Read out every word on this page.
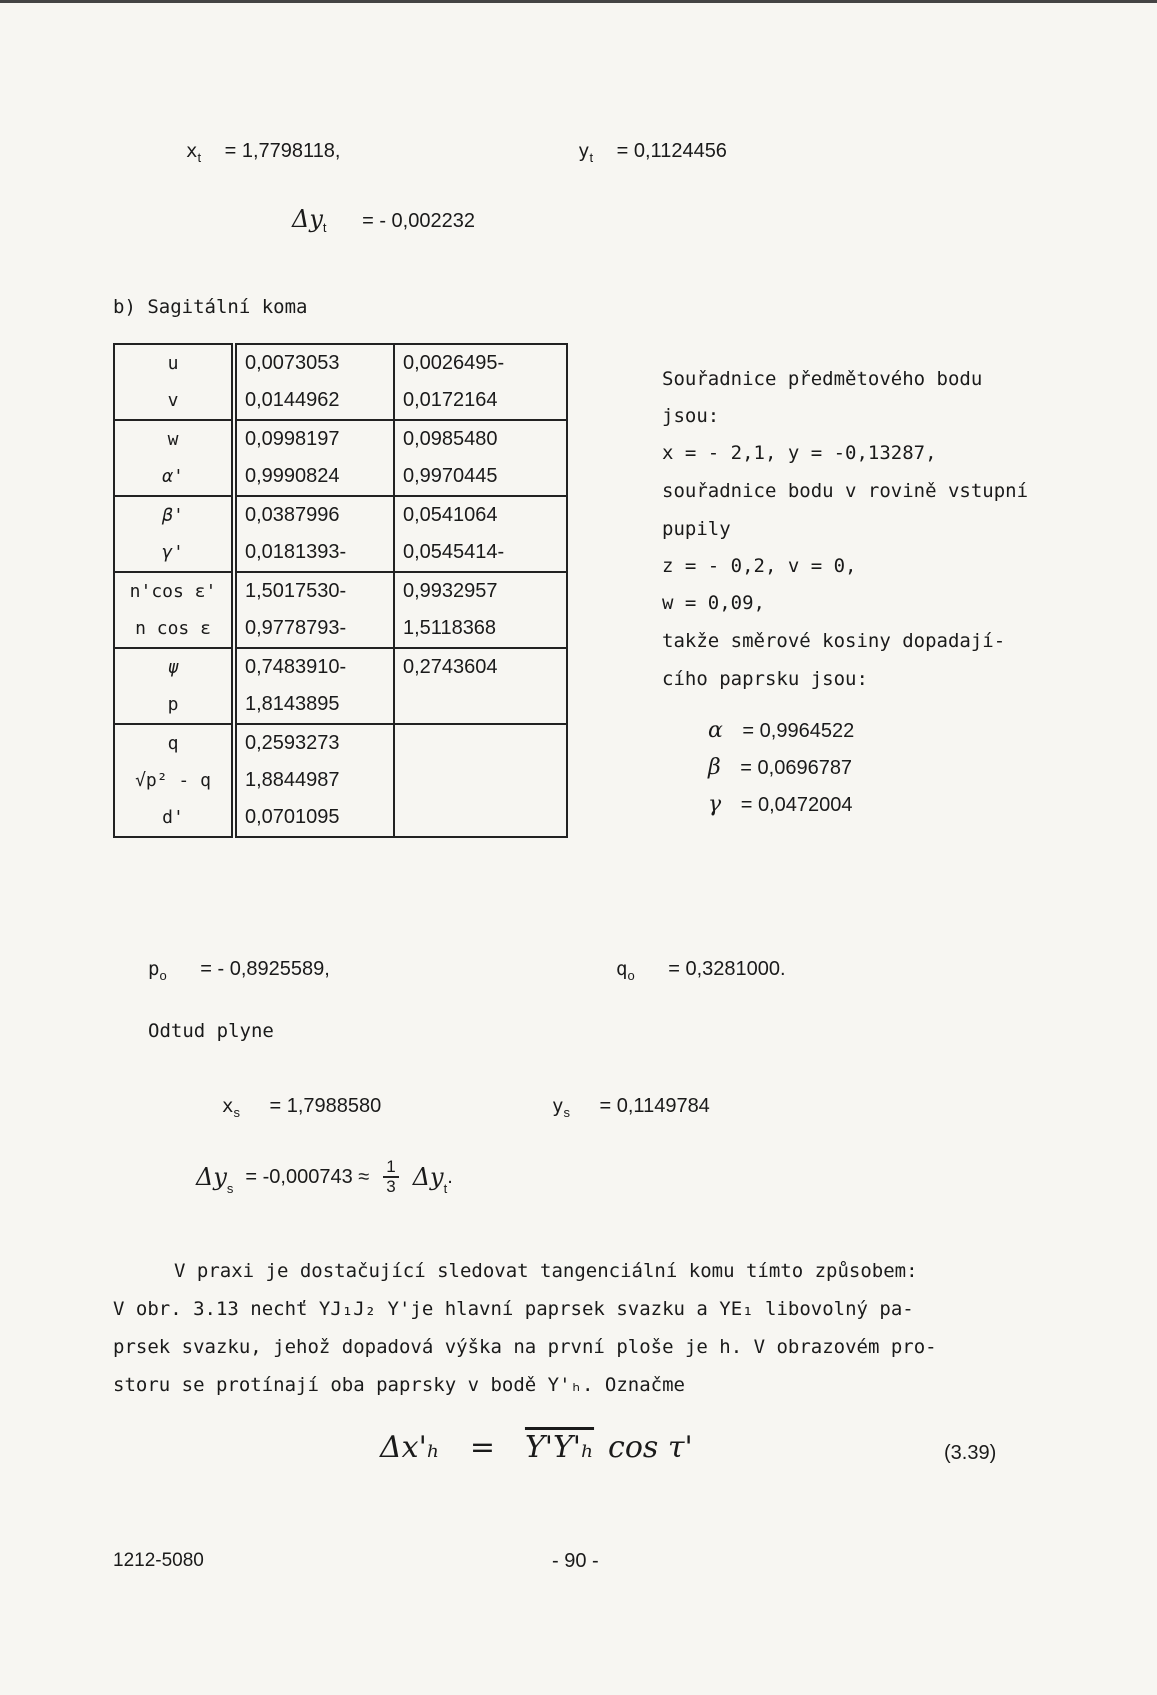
$x_t = 1,7798118$,	$y_t = 0,1124456$
$\Delta y_t$ = - 0,002232
b) Sagitální koma
u	0,0073053	0,0026495-
v	0,0144962	0,0172164
w	0,0998197	0,0985480
α'	0,9990824	0,9970445
β'	0,0387996	0,0541064
γ'	0,0181393-	0,0545414-
n'cos ε'	1,5017530-	0,9932957
n cos ε	0,9778793-	1,5118368
ψ	0,7483910-	0,2743604
p	1,8143895	
q	0,2593273	
√p² - q	1,8844987	
d'	0,0701095	
Souřadnice předmětového bodu
jsou:
x = - 2,1, y = -0,13287,
souřadnice bodu v rovině vstupní
pupily
z = - 0,2, v = 0,
w = 0,09,
takže směrové kosiny dopadají-
cího paprsku jsou:
α = 0,9964522
β = 0,0696787
γ = 0,0472004
$p_o$ = - 0,8925589,	$q_o = 0,3281000$.
Odtud plyne
$x_s = 1,7988580$	$y_s = 0,1149784$
$\Delta y_s$
= $-0,000743 \approx \frac{1}{3} \Delta y_t$
.
V praxi je dostačující sledovat tangenciální komu tímto způsobem:
V obr. 3.13 nechť YJ₁J₂ Y'je hlavní paprsek svazku a YE₁ libovolný pa-
prsek svazku, jehož dopadová výška na první ploše je h. V obrazovém pro-
storu se protínají oba paprsky v bodě Y'ₕ. Označme
Δx'ₕ = Y'Y'ₕ cos τ'	(3.39)
1212-5080	- 90 -
